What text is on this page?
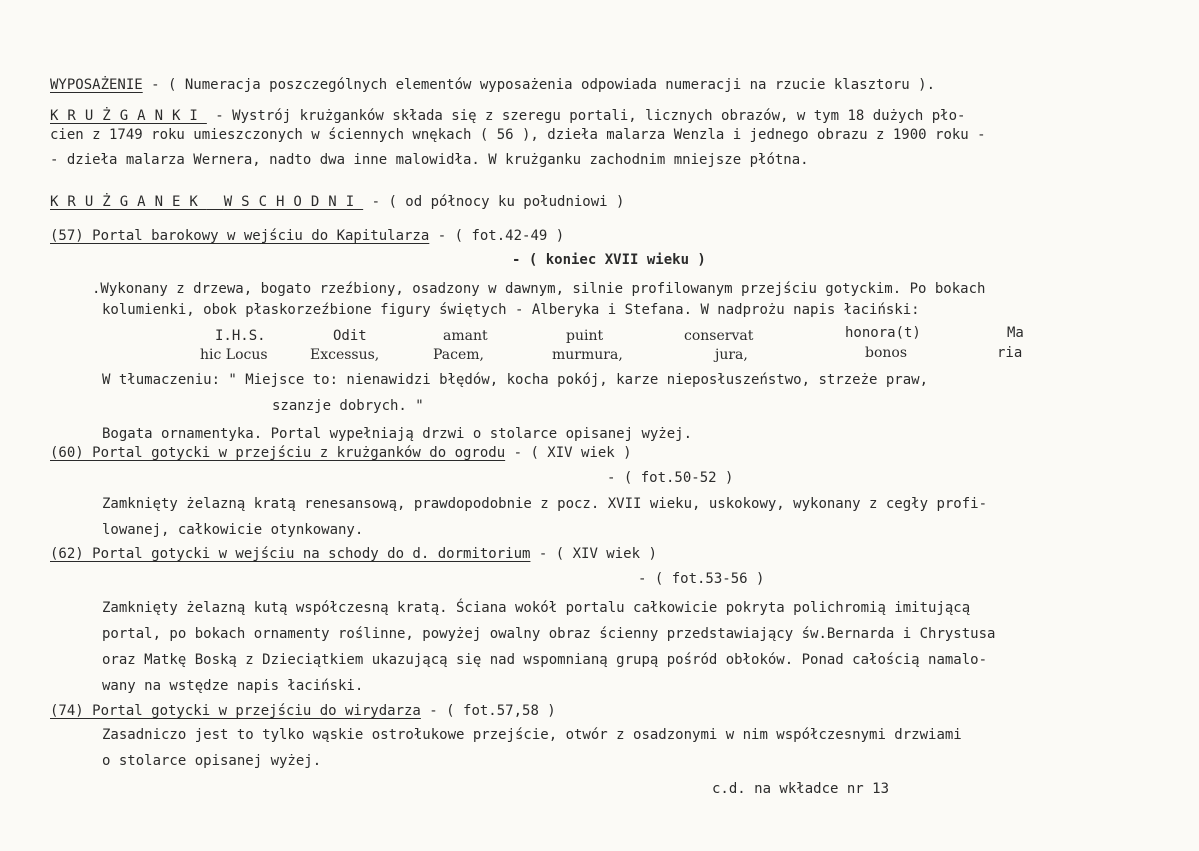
WYPOSAŻENIE - ( Numeracja poszczególnych elementów wyposażenia odpowiada numeracji na rzucie klasztoru ).
KRUŻGANKI - Wystrój krużganków składa się z szeregu portali, licznych obrazów, w tym 18 dużych pło-
cien z 1749 roku umieszczonych w ściennych wnękach ( 56 ), dzieła malarza Wenzla i jednego obrazu z 1900 roku -
- dzieła malarza Wernera, nadto dwa inne malowidła. W krużganku zachodnim mniejsze płótna.
KRUŻGANEK WSCHODNI - ( od północy ku południowi )
(57) Portal barokowy w wejściu do Kapitularza - ( fot.42-49 )
- ( koniec XVII wieku )
.Wykonany z drzewa, bogato rzeźbiony, osadzony w dawnym, silnie profilowanym przejściu gotyckim. Po bokach
kolumienki, obok płaskorzeźbione figury świętych - Alberyka i Stefana. W nadprożu napis łaciński:
I.H.S.	Odit	amant	puint	conservat	honora(t)	Ma
hic Locus	Excessus,	Pacem,	murmura,	jura,	bonos	ria
W tłumaczeniu: " Miejsce to: nienawidzi błędów, kocha pokój, karze nieposłuszeństwo, strzeże praw,
szanzje dobrych. "
Bogata ornamentyka. Portal wypełniają drzwi o stolarce opisanej wyżej.
(60) Portal gotycki w przejściu z krużganków do ogrodu - ( XIV wiek )
- ( fot.50-52 )
Zamknięty żelazną kratą renesansową, prawdopodobnie z pocz. XVII wieku, uskokowy, wykonany z cegły profi-
lowanej, całkowicie otynkowany.
(62) Portal gotycki w wejściu na schody do d. dormitorium - ( XIV wiek )
- ( fot.53-56 )
Zamknięty żelazną kutą współczesną kratą. Ściana wokół portalu całkowicie pokryta polichromią imitującą
portal, po bokach ornamenty roślinne, powyżej owalny obraz ścienny przedstawiający św.Bernarda i Chrystusa
oraz Matkę Boską z Dzieciątkiem ukazującą się nad wspomnianą grupą pośród obłoków. Ponad całością namalo-
wany na wstędze napis łaciński.
(74) Portal gotycki w przejściu do wirydarza - ( fot.57,58 )
Zasadniczo jest to tylko wąskie ostrołukowe przejście, otwór z osadzonymi w nim współczesnymi drzwiami
o stolarce opisanej wyżej.
c.d. na wkładce nr 13
